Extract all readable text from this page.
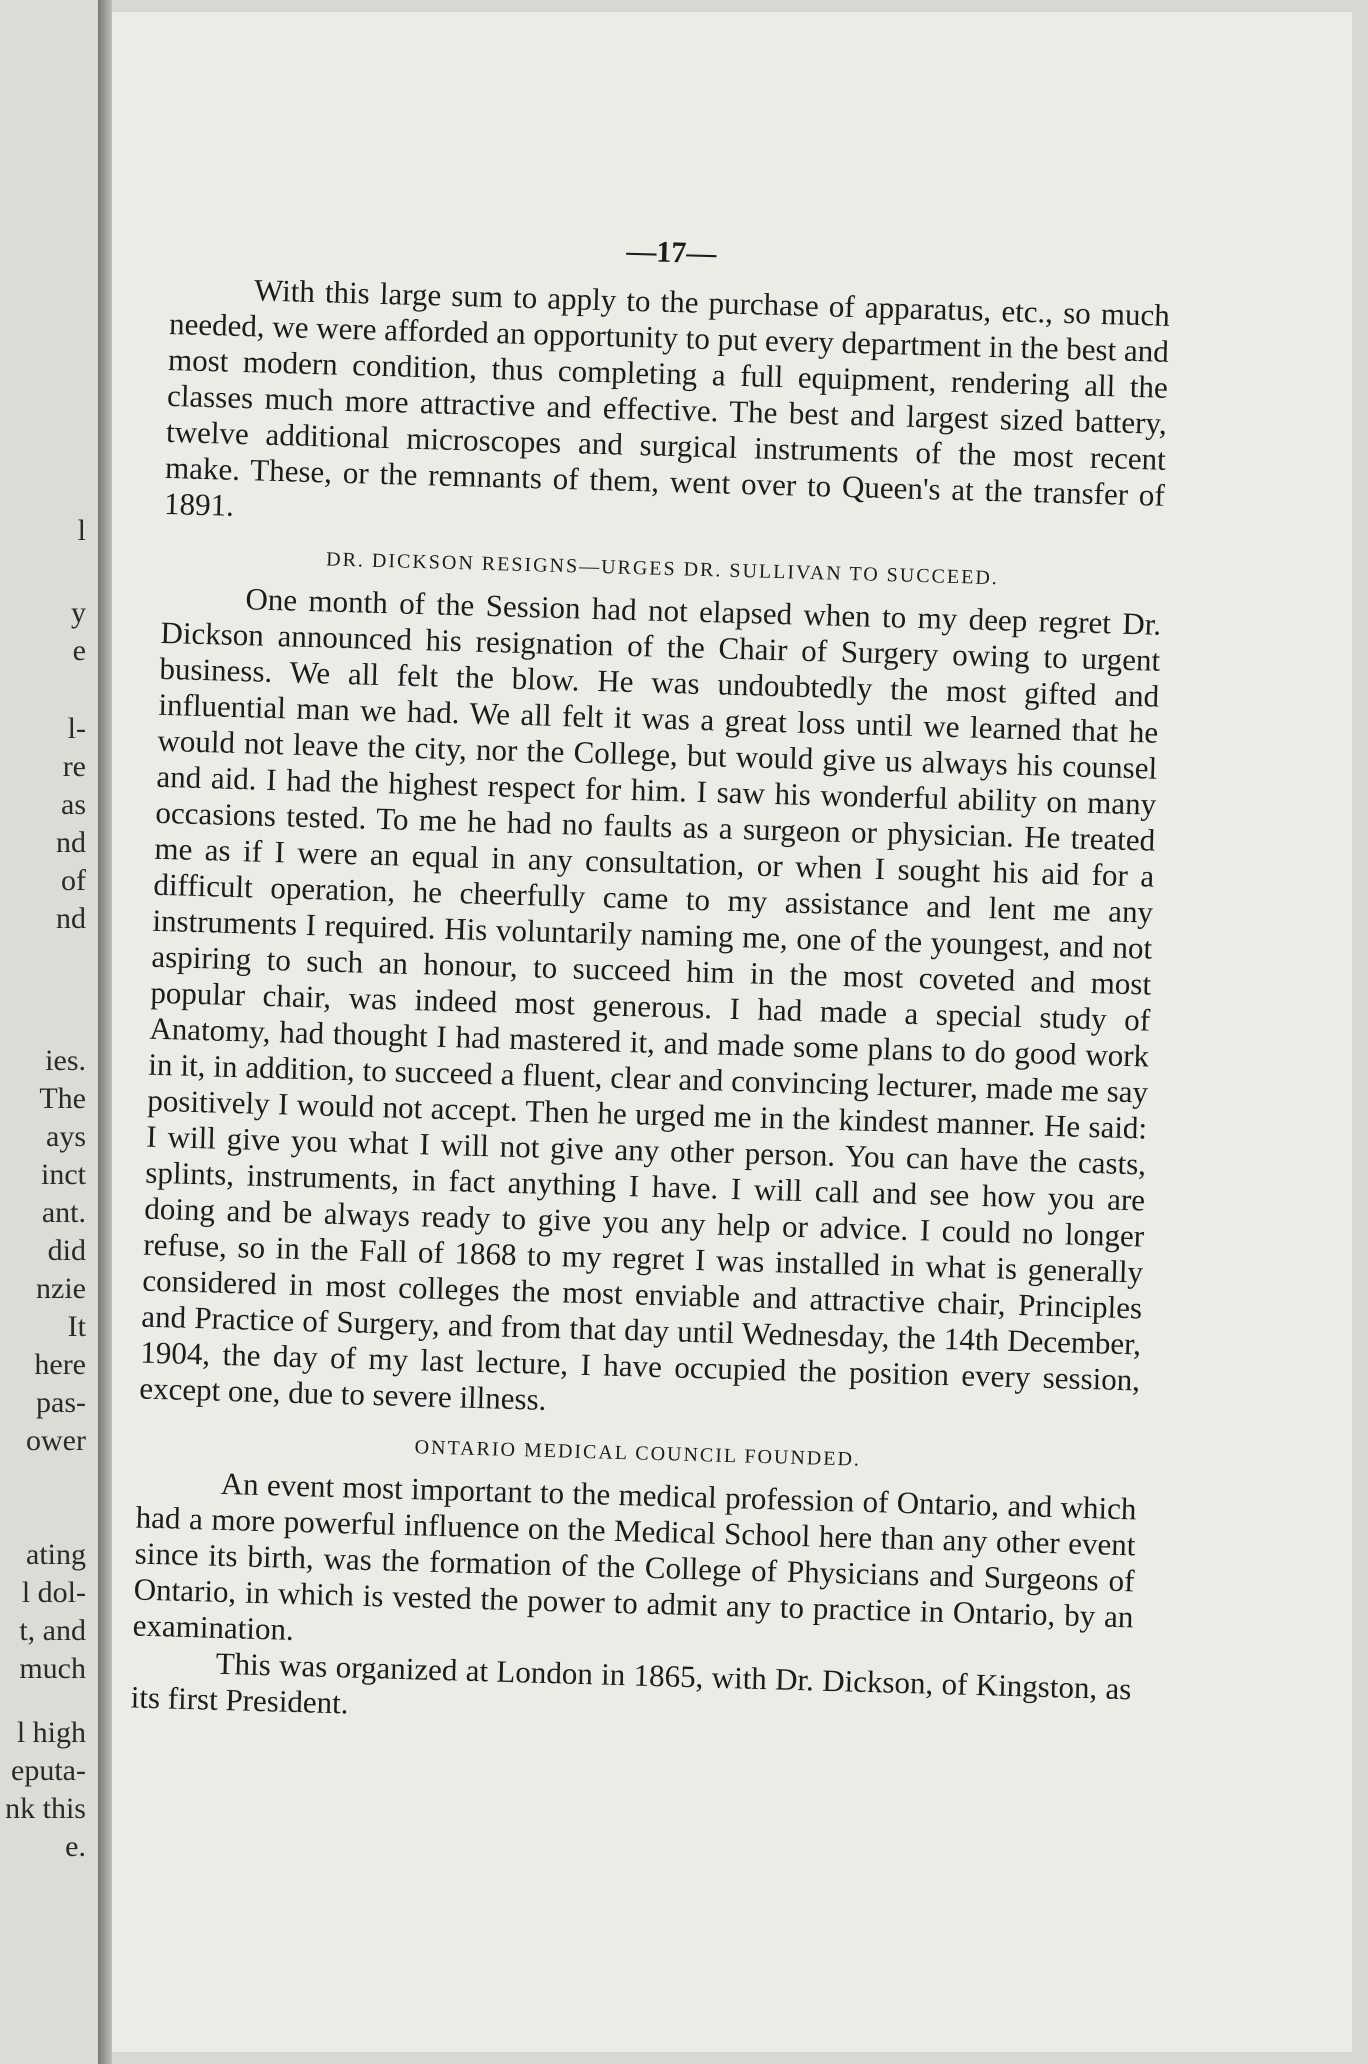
l
y
e
l-
re
as
nd
of
nd
ies.
The
ays
inct
ant.
did
nzie
It
here
pas-
ower
ating
l dol-
t, and
much
l high
eputa-
nk this
e.
—17—

With this large sum to apply to the purchase of apparatus, etc., so much needed, we were afforded an opportunity to put every department in the best and most modern condition, thus completing a full equipment, rendering all the classes much more attractive and effective. The best and largest sized battery, twelve additional microscopes and surgical instruments of the most recent make. These, or the remnants of them, went over to Queen's at the transfer of 1891.

DR. DICKSON RESIGNS—URGES DR. SULLIVAN TO SUCCEED.

One month of the Session had not elapsed when to my deep regret Dr. Dickson announced his resignation of the Chair of Surgery owing to urgent business. We all felt the blow. He was undoubtedly the most gifted and influential man we had. We all felt it was a great loss until we learned that he would not leave the city, nor the College, but would give us always his counsel and aid. I had the highest respect for him. I saw his wonderful ability on many occasions tested. To me he had no faults as a surgeon or physician. He treated me as if I were an equal in any consultation, or when I sought his aid for a difficult operation, he cheerfully came to my assistance and lent me any instruments I required. His voluntarily naming me, one of the youngest, and not aspiring to such an honour, to succeed him in the most coveted and most popular chair, was indeed most generous. I had made a special study of Anatomy, had thought I had mastered it, and made some plans to do good work in it, in addition, to succeed a fluent, clear and convincing lecturer, made me say positively I would not accept. Then he urged me in the kindest manner. He said: I will give you what I will not give any other person. You can have the casts, splints, instruments, in fact anything I have. I will call and see how you are doing and be always ready to give you any help or advice. I could no longer refuse, so in the Fall of 1868 to my regret I was installed in what is generally considered in most colleges the most enviable and attractive chair, Principles and Practice of Surgery, and from that day until Wednesday, the 14th December, 1904, the day of my last lecture, I have occupied the position every session, except one, due to severe illness.

ONTARIO MEDICAL COUNCIL FOUNDED.

An event most important to the medical profession of Ontario, and which had a more powerful influence on the Medical School here than any other event since its birth, was the formation of the College of Physicians and Surgeons of Ontario, in which is vested the power to admit any to practice in Ontario, by an examination.

This was organized at London in 1865, with Dr. Dickson, of Kingston, as its first President.
